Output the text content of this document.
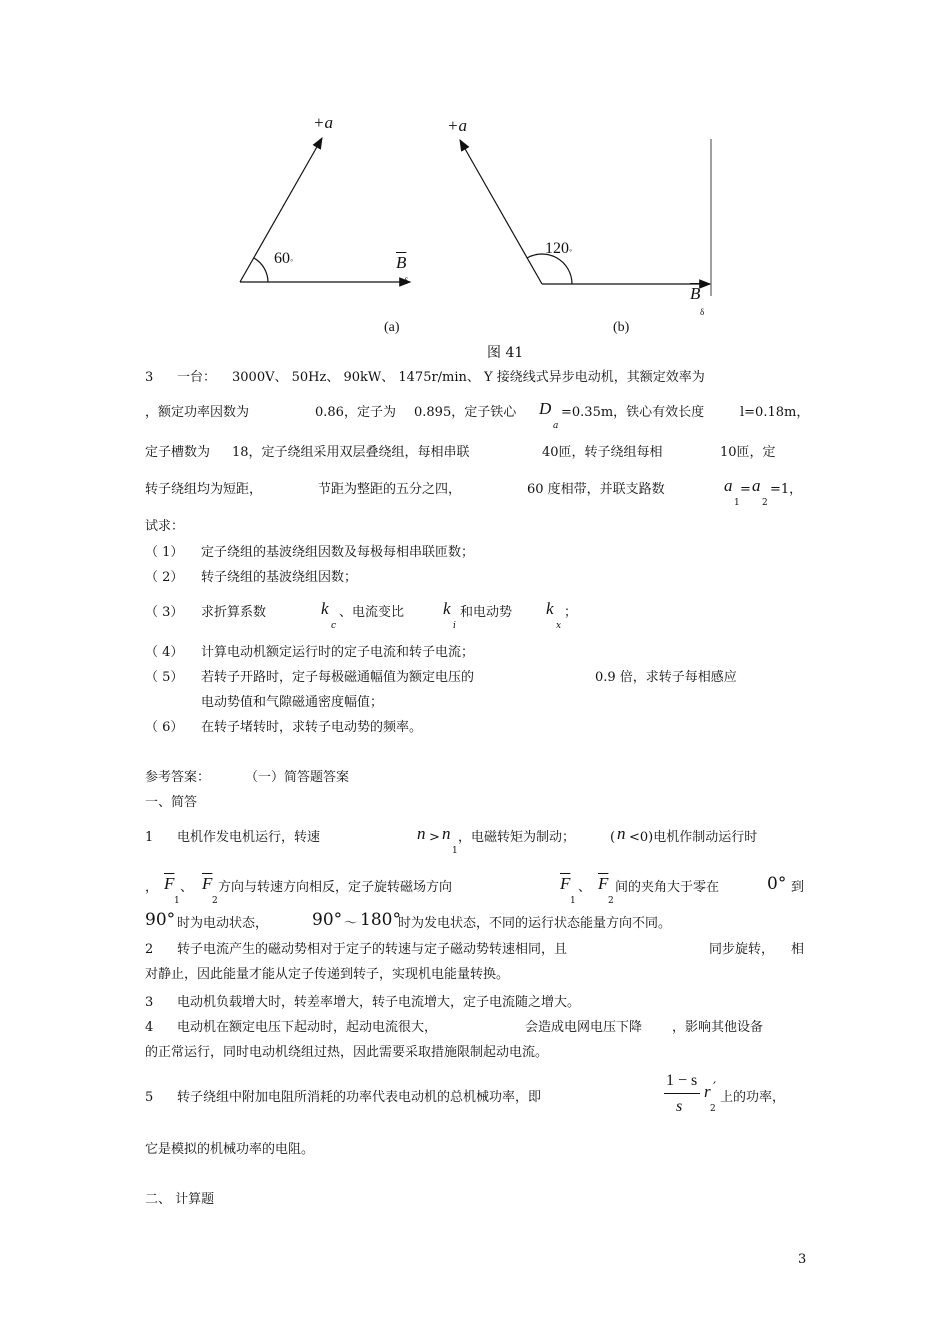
+a
60◦	$\overline{B}$
δ
(a)
+a
120◦
$\overline{B}$
δ
(b)
图 41
3 一台： 3000V、 50Hz、 90kW、 1475r/min、 Y 接绕线式异步电动机，其额定效率为
，额定功率因数为	0.86，定子为 0.895，定子铁心 D
a
=0.35m，铁心有效长度	l=0.18m，
定子槽数为 18，定子绕组采用双层叠绕组，每相串联	40匝，转子绕组每相	10匝，定
转子绕组均为短距，	节距为整距的五分之四，	60 度相带，并联支路数	a
1
= a
2
=1，
试求：
（ 1） 定子绕组的基波绕组因数及每极每相串联匝数；
（ 2） 转子绕组的基波绕组因数；
（ 3） 求折算系数	k
c
、电流变比 k
i
和电动势 k
x
；
（ 4） 计算电动机额定运行时的定子电流和转子电流；
（ 5） 若转子开路时，定子每极磁通幅值为额定电压的	0.9 倍，求转子每相感应
电动势值和气隙磁通密度幅值；
（ 6） 在转子堵转时，求转子电动势的频率。
参考答案：	（一）简答题答案
一、简答
1 电机作发电机运行，转速	n > n
1
，电磁转矩为制动；	( n <0)电机作制动运行时
， $\overline{F}$
1
、 $\overline{F}$
2
方向与转速方向相反，定子旋转磁场方向	$\overline{F}$
1
、 $\overline{F}$
2
间的夹角大于零在	0° 到
90° 时为电动状态，	90° ～ 180°
时为发电状态，不同的运行状态能量方向不同。
2 转子电流产生的磁动势相对于定子的转速与定子磁动势转速相同，且	同步旋转， 相
对静止，因此能量才能从定子传递到转子，实现机电能量转换。
3 电动机负载增大时，转差率增大，转子电流增大，定子电流随之增大。
4 电动机在额定电压下起动时，起动电流很大，	会造成电网电压下降 ，影响其他设备
的正常运行，同时电动机绕组过热，因此需要采取措施限制起动电流。
5 转子绕组中附加电阻所消耗的功率代表电动机的总机械功率，即
1 − s
s
r ′
2
上的功率，
它是模拟的机械功率的电阻。
二、 计算题
3
